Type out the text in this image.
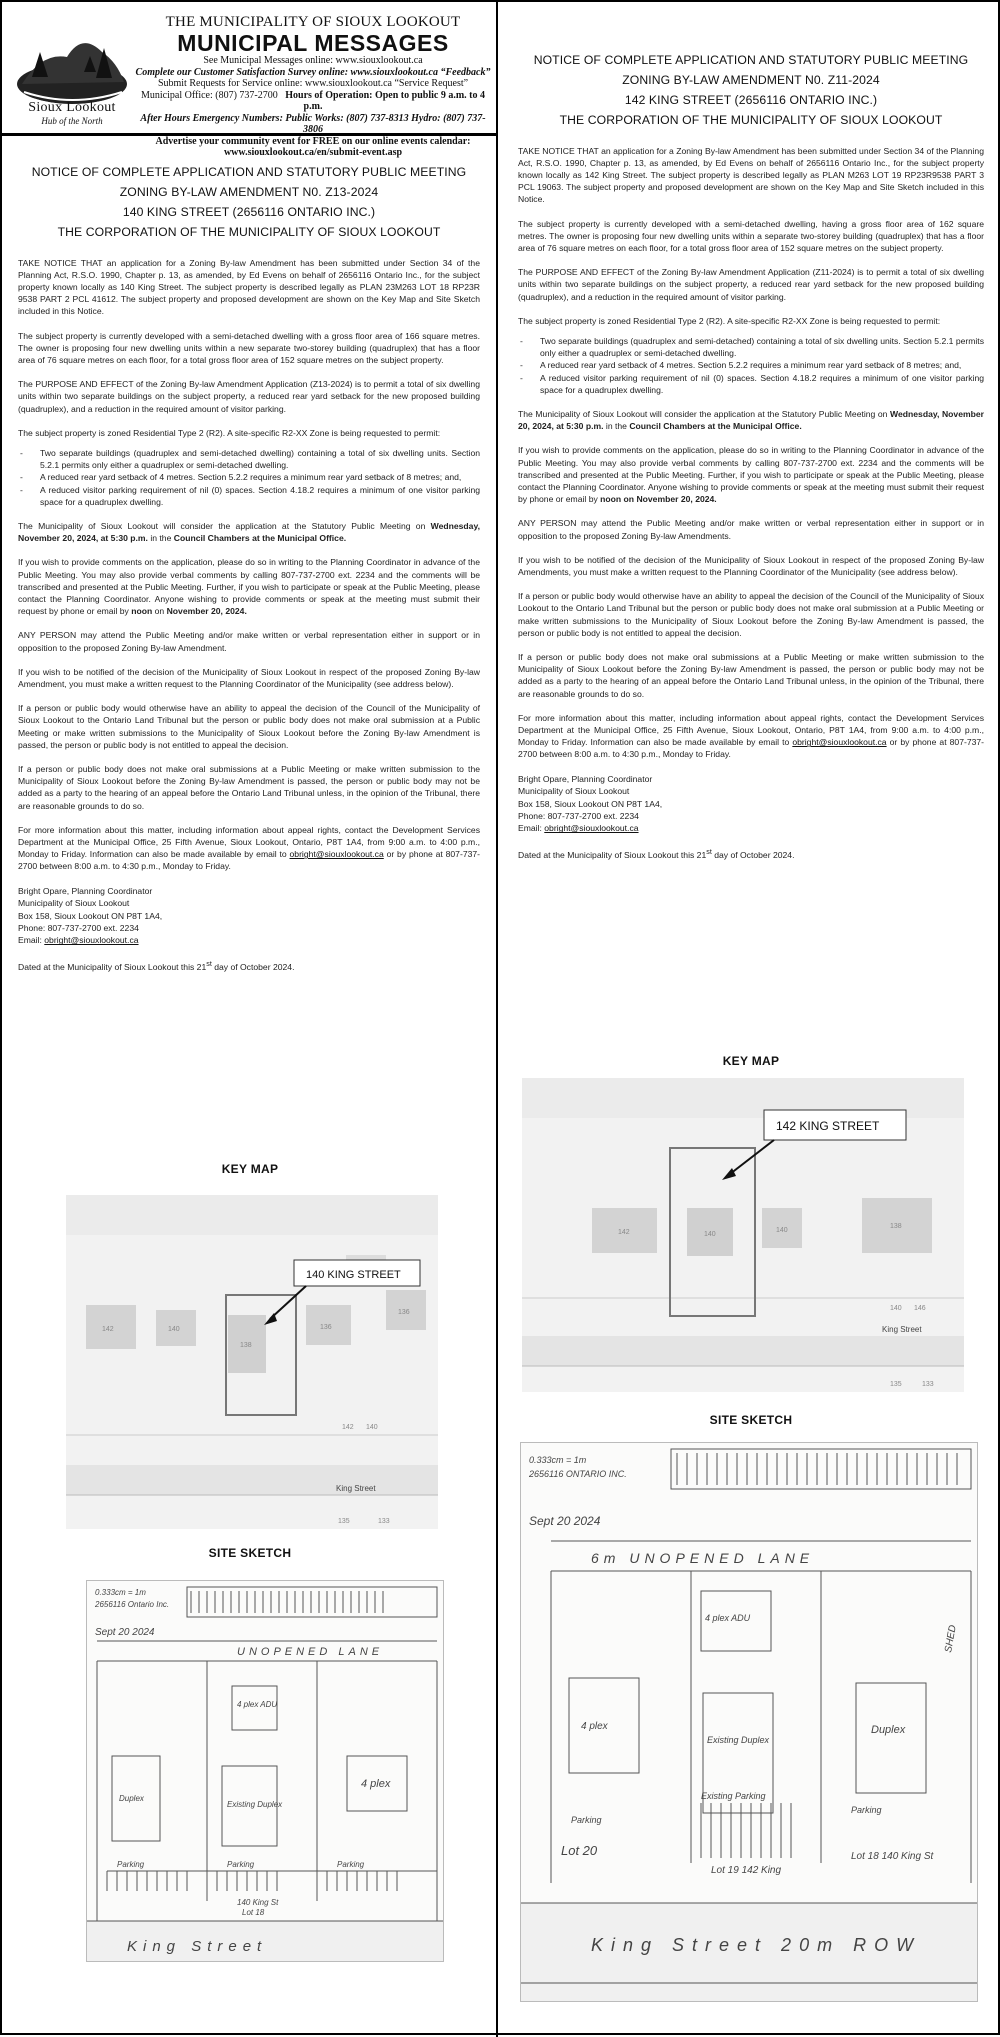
Sioux Lookout
Hub of the North
THE MUNICIPALITY OF SIOUX LOOKOUT
MUNICIPAL MESSAGES
See Municipal Messages online: www.siouxlookout.ca
Complete our Customer Satisfaction Survey online: www.siouxlookout.ca “Feedback”
Submit Requests for Service online: www.siouxlookout.ca “Service Request”
Municipal Office: (807) 737-2700 Hours of Operation: Open to public 9 a.m. to 4 p.m.
After Hours Emergency Numbers: Public Works: (807) 737-8313 Hydro: (807) 737-3806
Advertise your community event for FREE on our online events calendar:
www.siouxlookout.ca/en/submit-event.asp
NOTICE OF COMPLETE APPLICATION AND STATUTORY PUBLIC MEETING
ZONING BY-LAW AMENDMENT N0. Z13-2024
140 KING STREET (2656116 ONTARIO INC.)
THE CORPORATION OF THE MUNICIPALITY OF SIOUX LOOKOUT

TAKE NOTICE THAT an application for a Zoning By-law Amendment has been submitted under Section 34 of the Planning Act, R.S.O. 1990, Chapter p. 13, as amended, by Ed Evens on behalf of 2656116 Ontario Inc., for the subject property known locally as 140 King Street. The subject property is described legally as PLAN 23M263 LOT 18 RP23R 9538 PART 2 PCL 41612. The subject property and proposed development are shown on the Key Map and Site Sketch included in this Notice.

The subject property is currently developed with a semi-detached dwelling with a gross floor area of 166 square metres. The owner is proposing four new dwelling units within a new separate two-storey building (quadruplex) that has a floor area of 76 square metres on each floor, for a total gross floor area of 152 square metres on the subject property.

The PURPOSE AND EFFECT of the Zoning By-law Amendment Application (Z13-2024) is to permit a total of six dwelling units within two separate buildings on the subject property, a reduced rear yard setback for the new proposed building (quadruplex), and a reduction in the required amount of visitor parking.

The subject property is zoned Residential Type 2 (R2). A site-specific R2-XX Zone is being requested to permit:

- Two separate buildings (quadruplex and semi-detached dwelling) containing a total of six dwelling units. Section 5.2.1 permits only either a quadruplex or semi-detached dwelling.
- A reduced rear yard setback of 4 metres. Section 5.2.2 requires a minimum rear yard setback of 8 metres; and,
- A reduced visitor parking requirement of nil (0) spaces. Section 4.18.2 requires a minimum of one visitor parking space for a quadruplex dwelling.

The Municipality of Sioux Lookout will consider the application at the Statutory Public Meeting on Wednesday, November 20, 2024, at 5:30 p.m. in the Council Chambers at the Municipal Office.

If you wish to provide comments on the application, please do so in writing to the Planning Coordinator in advance of the Public Meeting. You may also provide verbal comments by calling 807-737-2700 ext. 2234 and the comments will be transcribed and presented at the Public Meeting. Further, if you wish to participate or speak at the Public Meeting, please contact the Planning Coordinator. Anyone wishing to provide comments or speak at the meeting must submit their request by phone or email by noon on November 20, 2024.

ANY PERSON may attend the Public Meeting and/or make written or verbal representation either in support or in opposition to the proposed Zoning By-law Amendment.

If you wish to be notified of the decision of the Municipality of Sioux Lookout in respect of the proposed Zoning By-law Amendment, you must make a written request to the Planning Coordinator of the Municipality (see address below).

If a person or public body would otherwise have an ability to appeal the decision of the Council of the Municipality of Sioux Lookout to the Ontario Land Tribunal but the person or public body does not make oral submission at a Public Meeting or make written submissions to the Municipality of Sioux Lookout before the Zoning By-law Amendment is passed, the person or public body is not entitled to appeal the decision.

If a person or public body does not make oral submissions at a Public Meeting or make written submission to the Municipality of Sioux Lookout before the Zoning By-law Amendment is passed, the person or public body may not be added as a party to the hearing of an appeal before the Ontario Land Tribunal unless, in the opinion of the Tribunal, there are reasonable grounds to do so.

For more information about this matter, including information about appeal rights, contact the Development Services Department at the Municipal Office, 25 Fifth Avenue, Sioux Lookout, Ontario, P8T 1A4, from 9:00 a.m. to 4:00 p.m., Monday to Friday. Information can also be made available by email to obright@siouxlookout.ca or by phone at 807-737-2700 between 8:00 a.m. to 4:30 p.m., Monday to Friday.

Bright Opare, Planning Coordinator
Municipality of Sioux Lookout
Box 158, Sioux Lookout ON P8T 1A4,
Phone: 807-737-2700 ext. 2234
Email: obright@siouxlookout.ca

Dated at the Municipality of Sioux Lookout this 21st day of October 2024.

KEY MAP
142	140
138
136
136
142 140
135	133
King Street
140 KING STREET
SITE SKETCH
0.333cm = 1m
2656116 Ontario Inc.
Sept 20 2024
UNOPENED LANE
4 plex ADU
Duplex
Existing Duplex
4 plex
Parking	Parking	Parking
140 King St
Lot 18
King Street
NOTICE OF COMPLETE APPLICATION AND STATUTORY PUBLIC MEETING
ZONING BY-LAW AMENDMENT N0. Z11-2024
142 KING STREET (2656116 ONTARIO INC.)
THE CORPORATION OF THE MUNICIPALITY OF SIOUX LOOKOUT

TAKE NOTICE THAT an application for a Zoning By-law Amendment has been submitted under Section 34 of the Planning Act, R.S.O. 1990, Chapter p. 13, as amended, by Ed Evens on behalf of 2656116 Ontario Inc., for the subject property known locally as 142 King Street. The subject property is described legally as PLAN M263 LOT 19 RP23R9538 PART 3 PCL 19063. The subject property and proposed development are shown on the Key Map and Site Sketch included in this Notice.

The subject property is currently developed with a semi-detached dwelling, having a gross floor area of 162 square metres. The owner is proposing four new dwelling units within a separate two-storey building (quadruplex) that has a floor area of 76 square metres on each floor, for a total gross floor area of 152 square metres on the subject property.

The PURPOSE AND EFFECT of the Zoning By-law Amendment Application (Z11-2024) is to permit a total of six dwelling units within two separate buildings on the subject property, a reduced rear yard setback for the new proposed building (quadruplex), and a reduction in the required amount of visitor parking.

The subject property is zoned Residential Type 2 (R2). A site-specific R2-XX Zone is being requested to permit:

- Two separate buildings (quadruplex and semi-detached) containing a total of six dwelling units. Section 5.2.1 permits only either a quadruplex or semi-detached dwelling.
- A reduced rear yard setback of 4 metres. Section 5.2.2 requires a minimum rear yard setback of 8 metres; and,
- A reduced visitor parking requirement of nil (0) spaces. Section 4.18.2 requires a minimum of one visitor parking space for a quadruplex dwelling.

The Municipality of Sioux Lookout will consider the application at the Statutory Public Meeting on Wednesday, November 20, 2024, at 5:30 p.m. in the Council Chambers at the Municipal Office.

If you wish to provide comments on the application, please do so in writing to the Planning Coordinator in advance of the Public Meeting. You may also provide verbal comments by calling 807-737-2700 ext. 2234 and the comments will be transcribed and presented at the Public Meeting. Further, if you wish to participate or speak at the Public Meeting, please contact the Planning Coordinator. Anyone wishing to provide comments or speak at the meeting must submit their request by phone or email by noon on November 20, 2024.

ANY PERSON may attend the Public Meeting and/or make written or verbal representation either in support or in opposition to the proposed Zoning By-law Amendments.

If you wish to be notified of the decision of the Municipality of Sioux Lookout in respect of the proposed Zoning By-law Amendments, you must make a written request to the Planning Coordinator of the Municipality (see address below).

If a person or public body would otherwise have an ability to appeal the decision of the Council of the Municipality of Sioux Lookout to the Ontario Land Tribunal but the person or public body does not make oral submission at a Public Meeting or make written submissions to the Municipality of Sioux Lookout before the Zoning By-law Amendment is passed, the person or public body is not entitled to appeal the decision.

If a person or public body does not make oral submissions at a Public Meeting or make written submission to the Municipality of Sioux Lookout before the Zoning By-law Amendment is passed, the person or public body may not be added as a party to the hearing of an appeal before the Ontario Land Tribunal unless, in the opinion of the Tribunal, there are reasonable grounds to do so.

For more information about this matter, including information about appeal rights, contact the Development Services Department at the Municipal Office, 25 Fifth Avenue, Sioux Lookout, Ontario, P8T 1A4, from 9:00 a.m. to 4:00 p.m., Monday to Friday. Information can also be made available by email to obright@siouxlookout.ca or by phone at 807-737-2700 between 8:00 a.m. to 4:30 p.m., Monday to Friday.

Bright Opare, Planning Coordinator
Municipality of Sioux Lookout
Box 158, Sioux Lookout ON P8T 1A4,
Phone: 807-737-2700 ext. 2234
Email: obright@siouxlookout.ca

Dated at the Municipality of Sioux Lookout this 21st day of October 2024.

KEY MAP
142	140
140
138
140 146
135	133
King Street
142 KING STREET
SITE SKETCH
0.333cm = 1m
2656116 ONTARIO INC.
Sept 20 2024
6m UNOPENED LANE
4 plex ADU
4 plex
Existing Duplex
Duplex
Parking
Parking
Existing Parking
Lot 20
Lot 19 142 King
Lot 18 140 King St
King Street 20m ROW
SHED
